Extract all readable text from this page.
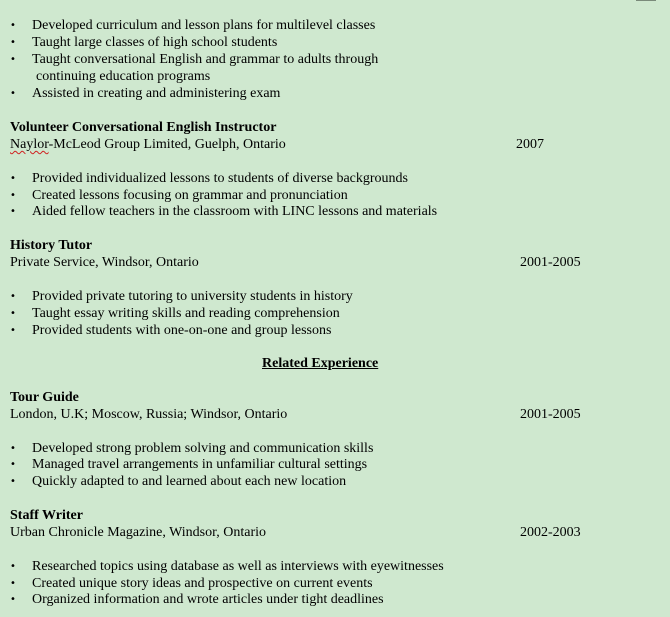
• Developed curriculum and lesson plans for multilevel classes
• Taught large classes of high school students
• Taught conversational English and grammar to adults through
continuing education programs
• Assisted in creating and administering exam
Volunteer Conversational English Instructor
Naylor-McLeod Group Limited, Guelph, Ontario	2007
• Provided individualized lessons to students of diverse backgrounds
• Created lessons focusing on grammar and pronunciation
• Aided fellow teachers in the classroom with LINC lessons and materials
History Tutor
Private Service, Windsor, Ontario	2001-2005
• Provided private tutoring to university students in history
• Taught essay writing skills and reading comprehension
• Provided students with one-on-one and group lessons
Related Experience
Tour Guide
London, U.K; Moscow, Russia; Windsor, Ontario	2001-2005
• Developed strong problem solving and communication skills
• Managed travel arrangements in unfamiliar cultural settings
• Quickly adapted to and learned about each new location
Staff Writer
Urban Chronicle Magazine, Windsor, Ontario	2002-2003
• Researched topics using database as well as interviews with eyewitnesses
• Created unique story ideas and prospective on current events
• Organized information and wrote articles under tight deadlines
